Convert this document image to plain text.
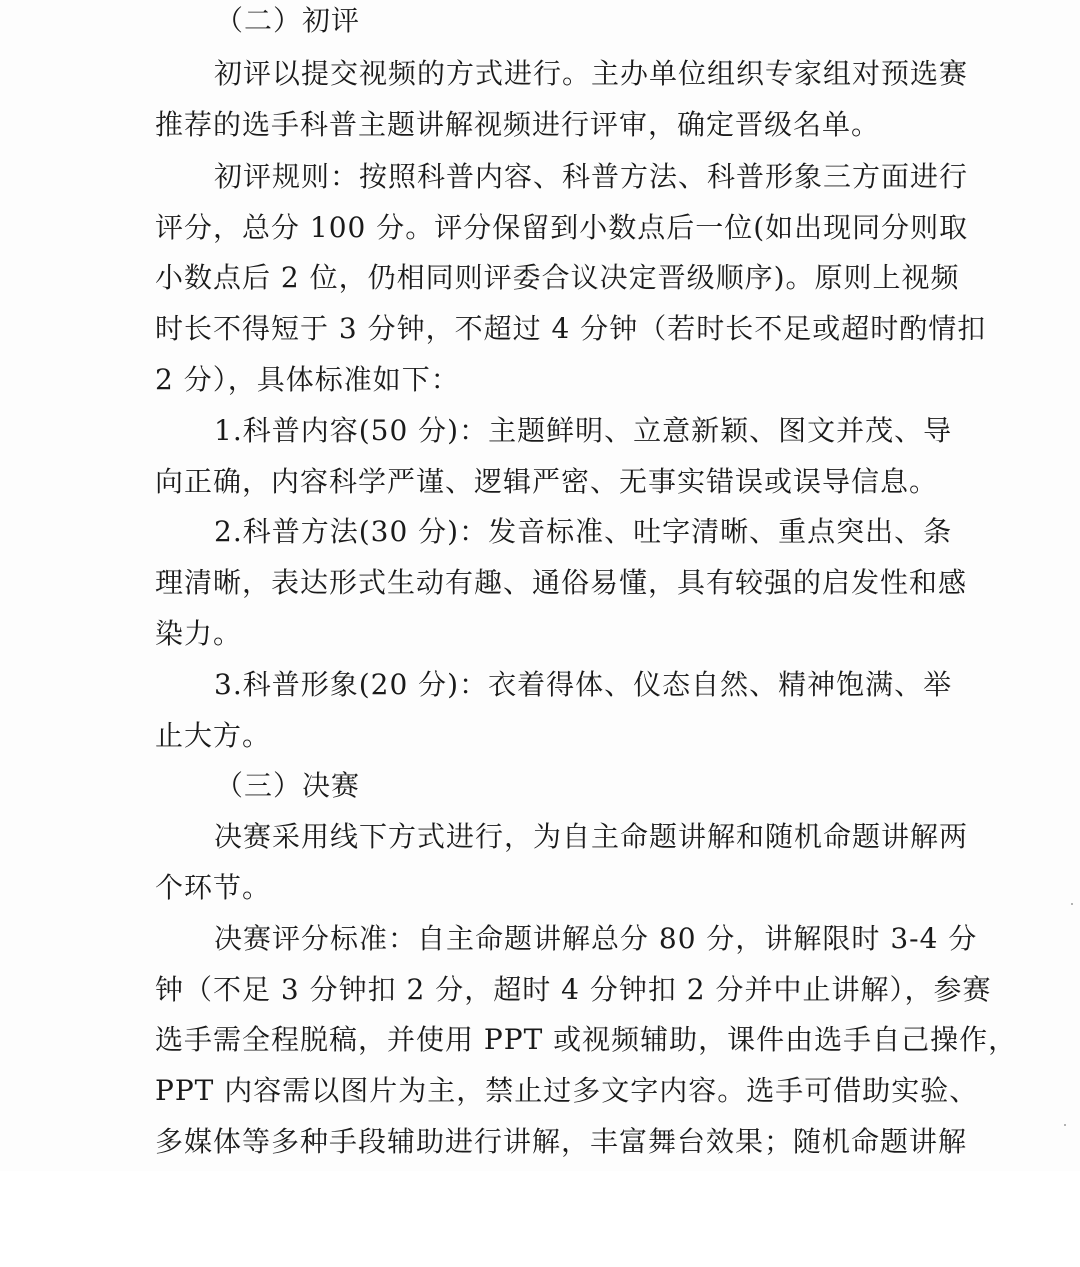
（二）初评

初评以提交视频的方式进行。主办单位组织专家组对预选赛

推荐的选手科普主题讲解视频进行评审，确定晋级名单。

初评规则：按照科普内容、科普方法、科普形象三方面进行

评分，总分 100 分。评分保留到小数点后一位(如出现同分则取

小数点后 2 位，仍相同则评委合议决定晋级顺序)。原则上视频

时长不得短于 3 分钟，不超过 4 分钟（若时长不足或超时酌情扣

2 分），具体标准如下：

1.科普内容(50 分)：主题鲜明、立意新颖、图文并茂、导

向正确，内容科学严谨、逻辑严密、无事实错误或误导信息。

2.科普方法(30 分)：发音标准、吐字清晰、重点突出、条

理清晰，表达形式生动有趣、通俗易懂，具有较强的启发性和感

染力。

3.科普形象(20 分)：衣着得体、仪态自然、精神饱满、举

止大方。

（三）决赛

决赛采用线下方式进行，为自主命题讲解和随机命题讲解两

个环节。

决赛评分标准：自主命题讲解总分 80 分，讲解限时 3-4 分

钟（不足 3 分钟扣 2 分，超时 4 分钟扣 2 分并中止讲解），参赛

选手需全程脱稿，并使用 PPT 或视频辅助，课件由选手自己操作，

PPT 内容需以图片为主，禁止过多文字内容。选手可借助实验、

多媒体等多种手段辅助进行讲解，丰富舞台效果；随机命题讲解
